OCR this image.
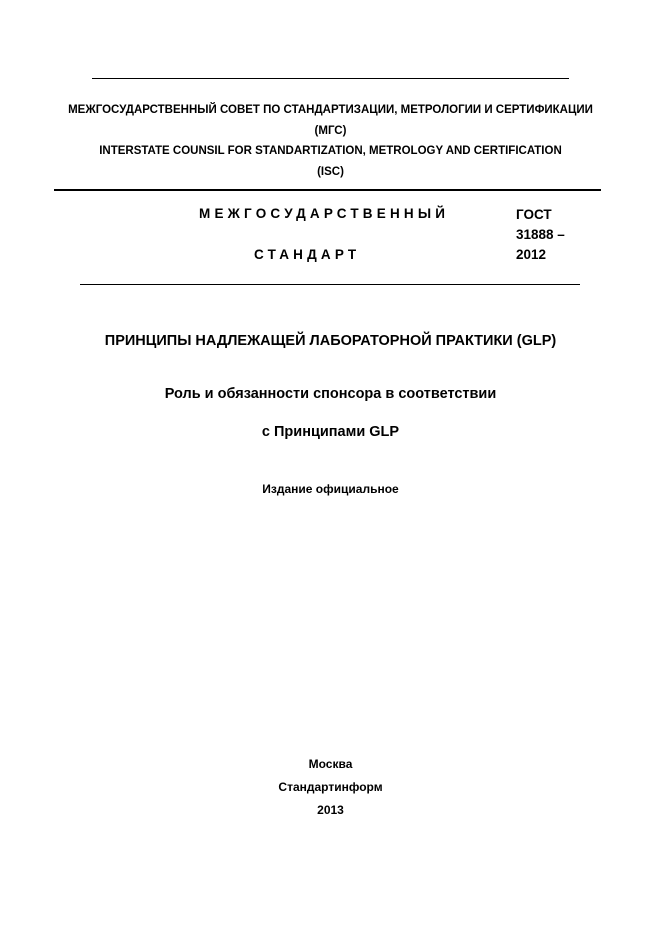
МЕЖГОСУДАРСТВЕННЫЙ СОВЕТ ПО СТАНДАРТИЗАЦИИ, МЕТРОЛОГИИ И СЕРТИФИКАЦИИ
(МГС)
INTERSTATE COUNSIL FOR STANDARTIZATION, METROLOGY AND CERTIFICATION
(ISC)
МЕЖГОСУДАРСТВЕННЫЙ
СТАНДАРТ
ГОСТ
31888 –
2012
ПРИНЦИПЫ НАДЛЕЖАЩЕЙ ЛАБОРАТОРНОЙ ПРАКТИКИ (GLP)
Роль и обязанности спонсора в соответствии
с Принципами GLP
Издание официальное
Москва
Стандартинформ
2013
